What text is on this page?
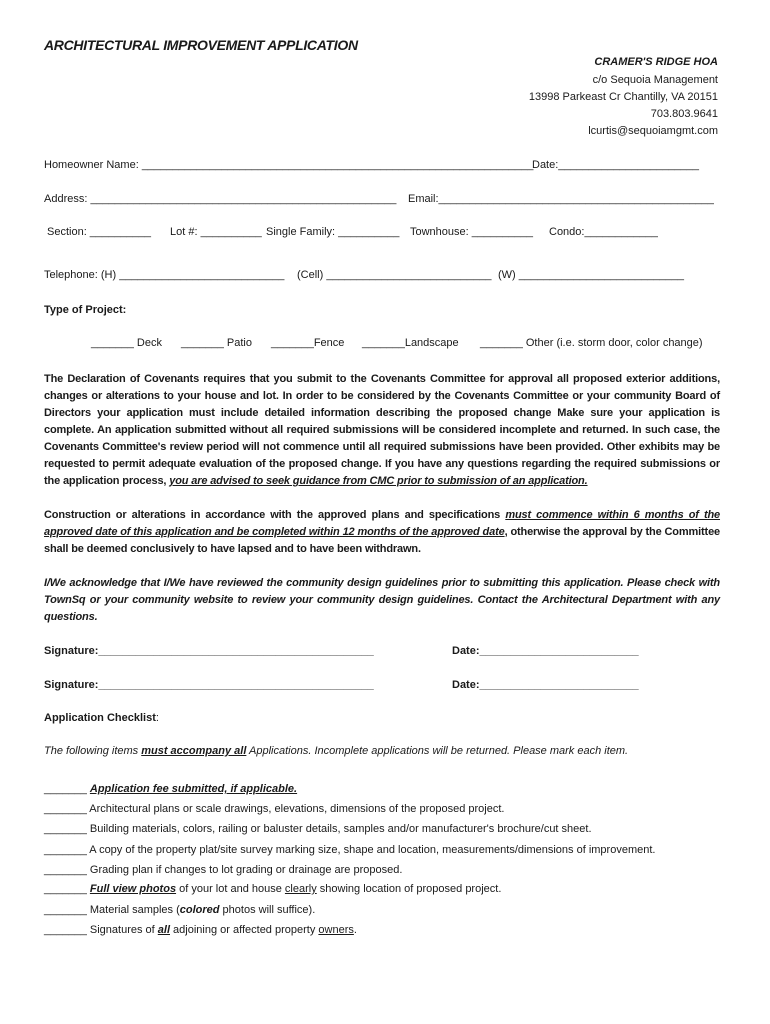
ARCHITECTURAL IMPROVEMENT APPLICATION
CRAMER'S RIDGE HOA
c/o Sequoia Management
13998 Parkeast Cr Chantilly, VA 20151
703.803.9641
lcurtis@sequoiamgmt.com
Homeowner Name: ________________________________________________________________
Date:_______________________
Address: __________________________________________________ Email:_____________________________________________
Section: __________ Lot #: __________ Single Family: __________ Townhouse: __________ Condo:____________
Telephone: (H) ___________________________ (Cell) ___________________________ (W) ___________________________
Type of Project:
_______ Deck _______ Patio _______Fence _______Landscape _______ Other (i.e. storm door, color change)
The Declaration of Covenants requires that you submit to the Covenants Committee for approval all proposed exterior additions, changes or alterations to your house and lot. In order to be considered by the Covenants Committee or your community Board of Directors your application must include detailed information describing the proposed change Make sure your application is complete. An application submitted without all required submissions will be considered incomplete and returned. In such case, the Covenants Committee's review period will not commence until all required submissions have been provided. Other exhibits may be requested to permit adequate evaluation of the proposed change. If you have any questions regarding the required submissions or the application process, you are advised to seek guidance from CMC prior to submission of an application.
Construction or alterations in accordance with the approved plans and specifications must commence within 6 months of the approved date of this application and be completed within 12 months of the approved date, otherwise the approval by the Committee shall be deemed conclusively to have lapsed and to have been withdrawn.
I/We acknowledge that I/We have reviewed the community design guidelines prior to submitting this application. Please check with TownSq or your community website to review your community design guidelines. Contact the Architectural Department with any questions.
Signature:_____________________________________________	Date:__________________________
Signature:_____________________________________________	Date:__________________________
Application Checklist:
The following items must accompany all Applications. Incomplete applications will be returned. Please mark each item.
_______ Application fee submitted, if applicable.
_______ Architectural plans or scale drawings, elevations, dimensions of the proposed project.
_______ Building materials, colors, railing or baluster details, samples and/or manufacturer's brochure/cut sheet.
_______ A copy of the property plat/site survey marking size, shape and location, measurements/dimensions of improvement.
_______ Grading plan if changes to lot grading or drainage are proposed.
_______ Full view photos of your lot and house clearly showing location of proposed project.
_______ Material samples (colored photos will suffice).
_______ Signatures of all adjoining or affected property owners.
